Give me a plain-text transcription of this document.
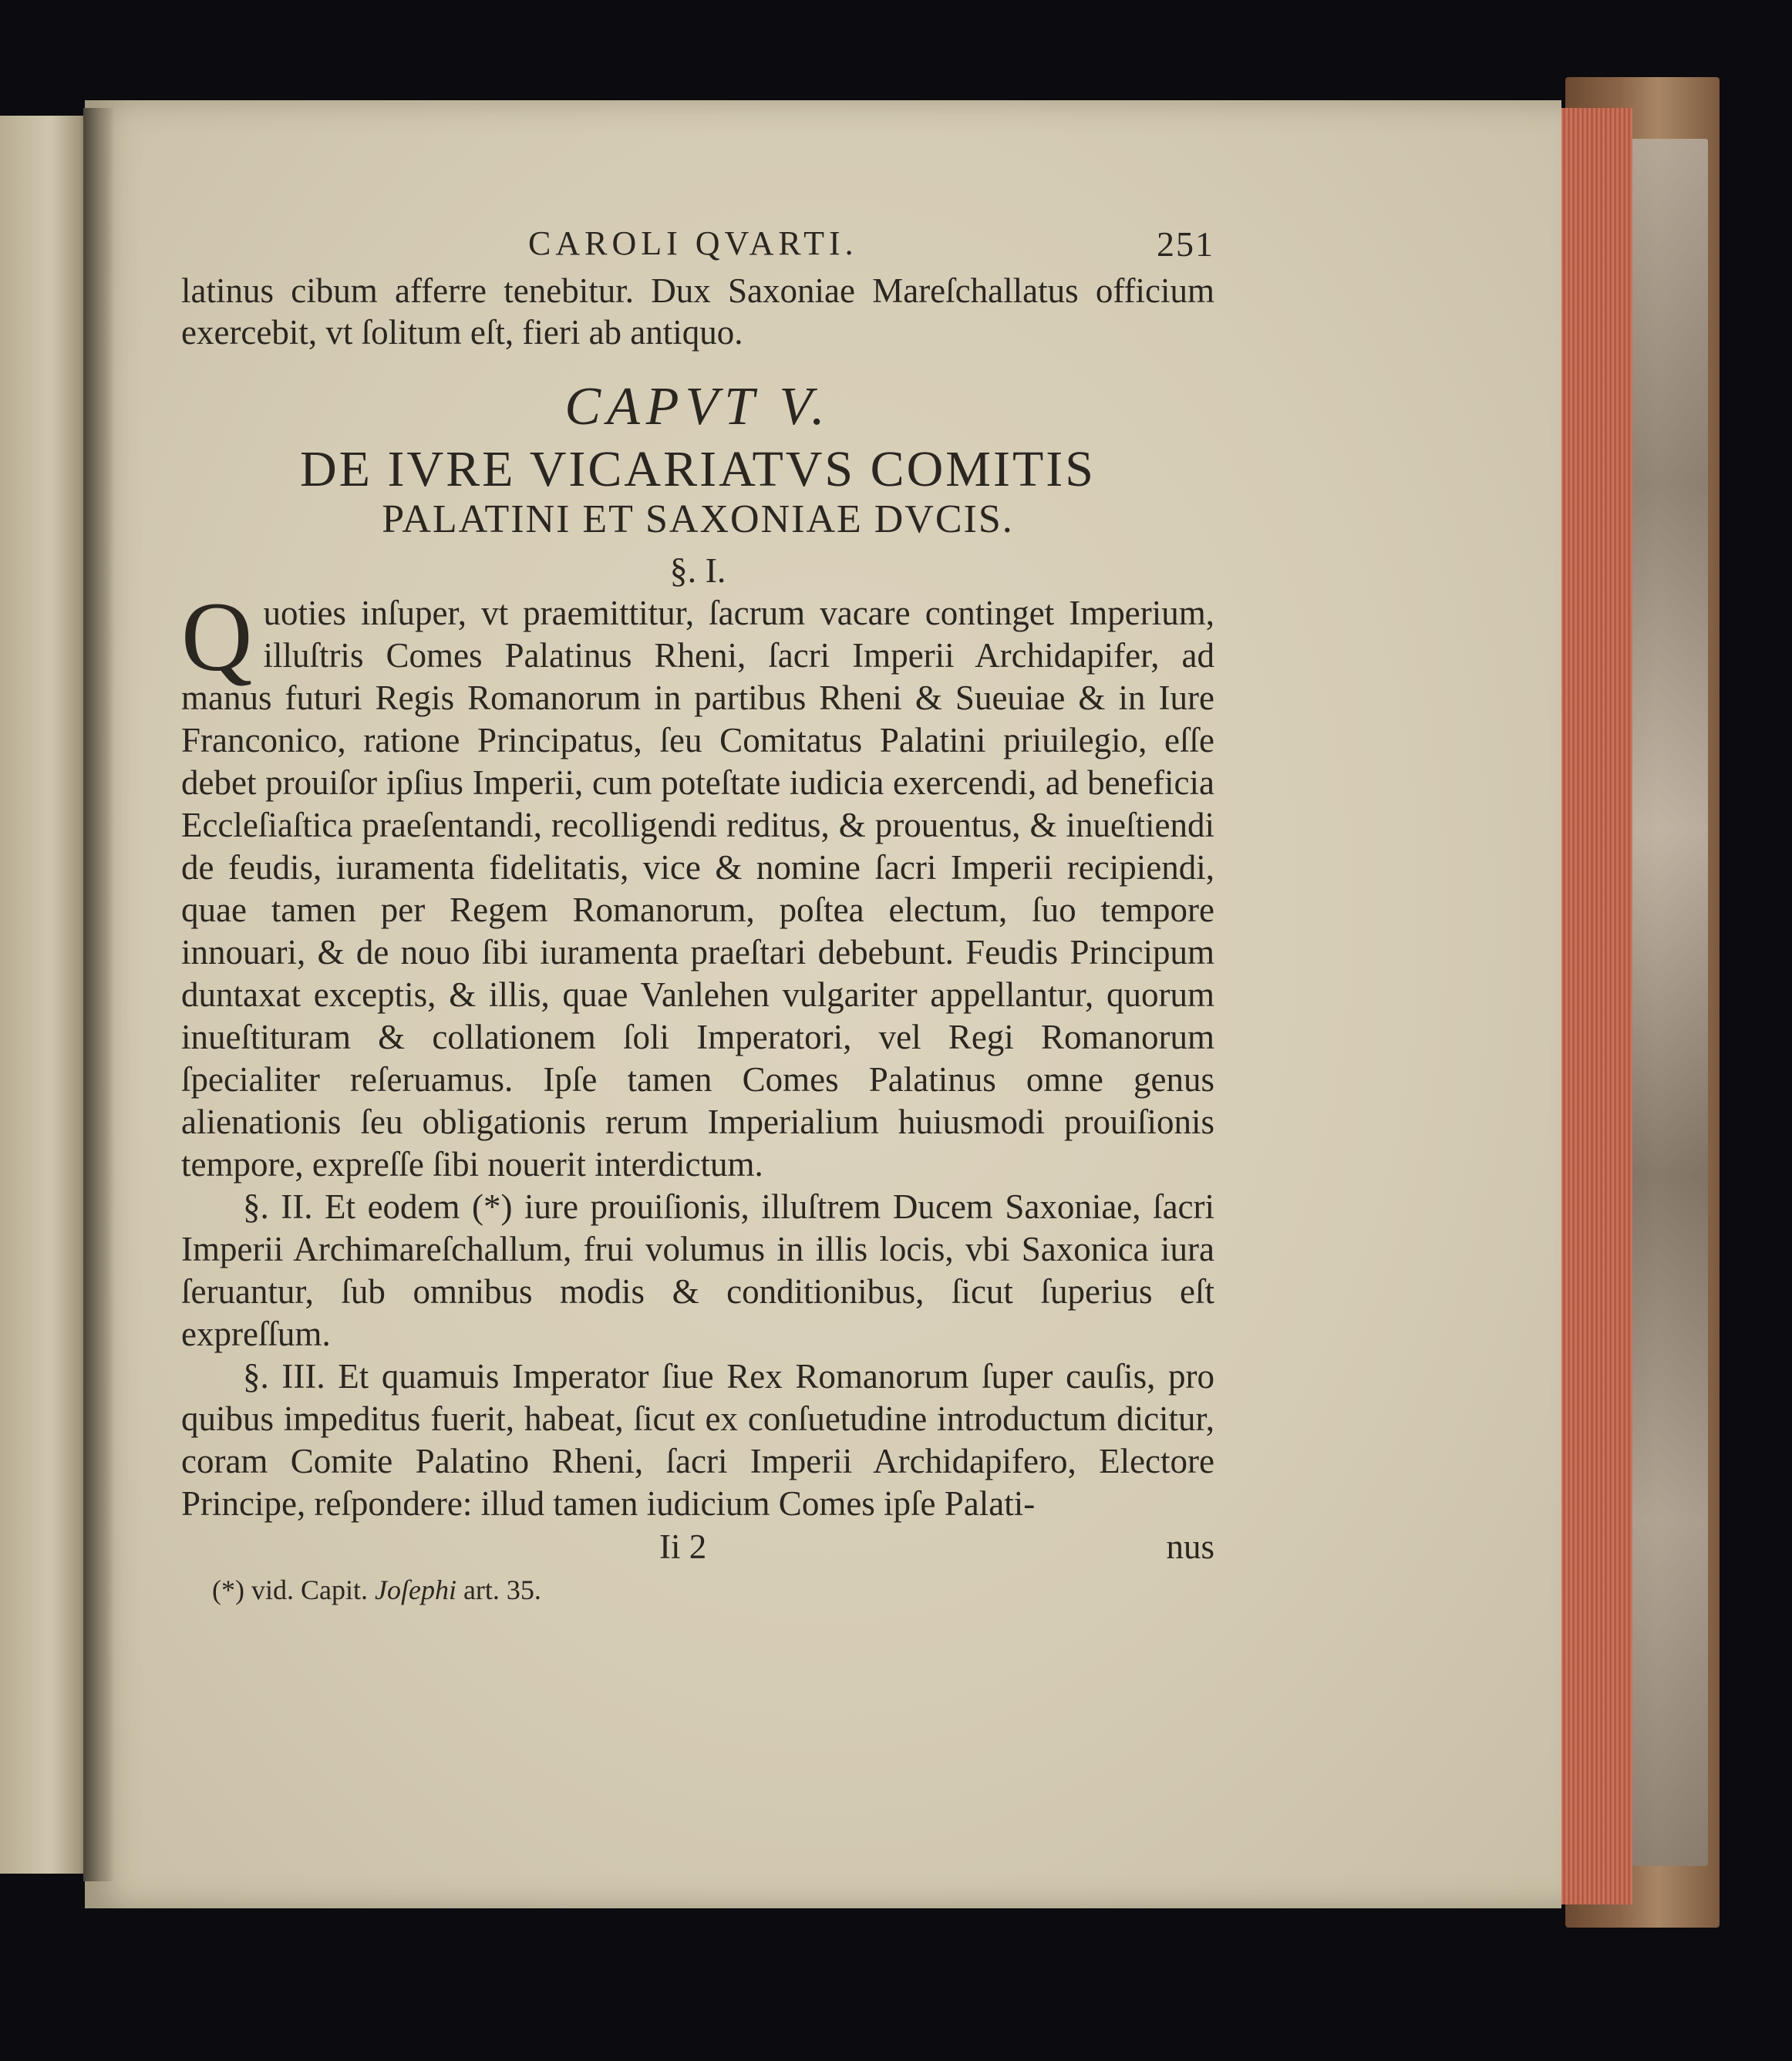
CAROLI QVARTI.	251

latinus cibum afferre tenebitur. Dux Saxoniae Mareſchallatus officium exercebit, vt ſolitum eſt, fieri ab antiquo.

CAPVT V.

DE IVRE VICARIATVS COMITIS

PALATINI ET SAXONIAE DVCIS.

§. I.

Quoties inſuper, vt praemittitur, ſacrum vacare continget Imperium, illuſtris Comes Palatinus Rheni, ſacri Imperii Archidapifer, ad manus futuri Regis Romanorum in partibus Rheni & Sueuiae & in Iure Franconico, ratione Principatus, ſeu Comitatus Palatini priuilegio, eſſe debet prouiſor ipſius Imperii, cum poteſtate iudicia exercendi, ad beneficia Eccleſiaſtica praeſentandi, recolligendi reditus, & prouentus, & inueſtiendi de feudis, iuramenta fidelitatis, vice & nomine ſacri Imperii recipiendi, quae tamen per Regem Romanorum, poſtea electum, ſuo tempore innouari, & de nouo ſibi iuramenta praeſtari debebunt. Feudis Principum duntaxat exceptis, & illis, quae Vanlehen vulgariter appellantur, quorum inueſtituram & collationem ſoli Imperatori, vel Regi Romanorum ſpecialiter reſeruamus. Ipſe tamen Comes Palatinus omne genus alienationis ſeu obligationis rerum Imperialium huiusmodi prouiſionis tempore, expreſſe ſibi nouerit interdictum.

§. II. Et eodem (*) iure prouiſionis, illuſtrem Ducem Saxoniae, ſacri Imperii Archimareſchallum, frui volumus in illis locis, vbi Saxonica iura ſeruantur, ſub omnibus modis & conditionibus, ſicut ſuperius eſt expreſſum.

§. III. Et quamuis Imperator ſiue Rex Romanorum ſuper cauſis, pro quibus impeditus fuerit, habeat, ſicut ex conſuetudine introductum dicitur, coram Comite Palatino Rheni, ſacri Imperii Archidapifero, Electore Principe, reſpondere: illud tamen iudicium Comes ipſe Palati-

Ii 2	nus

(*) vid. Capit. Joſephi art. 35.
